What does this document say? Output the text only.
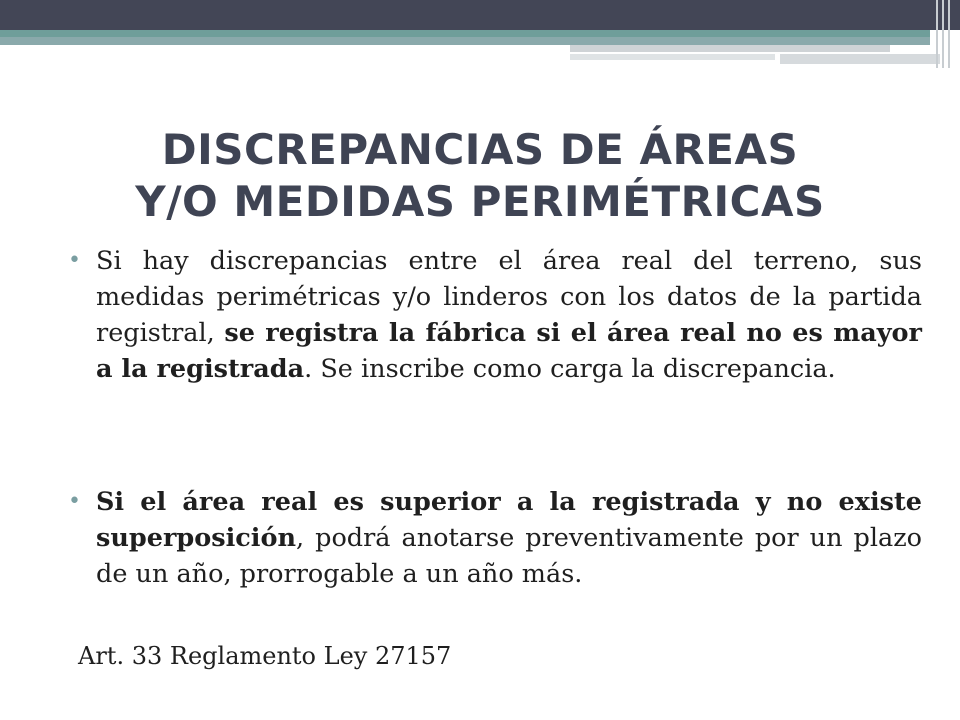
DISCREPANCIAS DE ÁREAS
Y/O MEDIDAS PERIMÉTRICAS
• Si hay discrepancias entre el área real del terreno, sus medidas perimétricas y/o linderos con los datos de la partida registral, se registra la fábrica si el área real no es mayor a la registrada. Se inscribe como carga la discrepancia.
• Si el área real es superior a la registrada y no existe superposición, podrá anotarse preventivamente por un plazo de un año, prorrogable a un año más.
Art. 33 Reglamento Ley 27157
